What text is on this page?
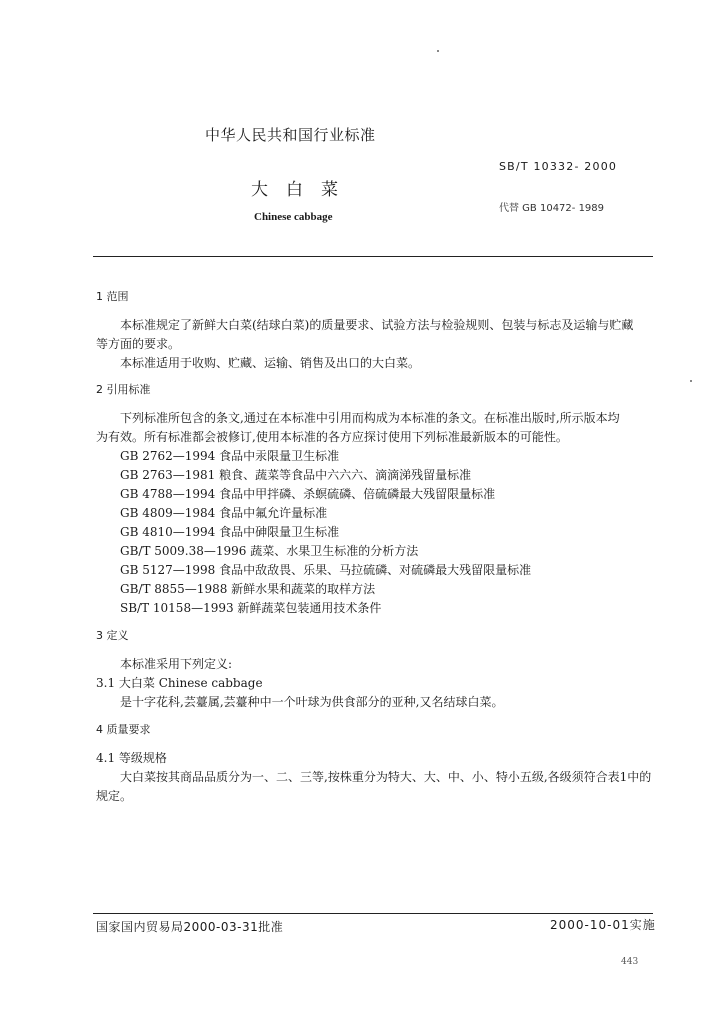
中华人民共和国行业标准
SB/T 10332- 2000
大白菜
代替 GB 10472- 1989
Chinese cabbage
1 范围
本标准规定了新鲜大白菜(结球白菜)的质量要求、试验方法与检验规则、包装与标志及运输与贮藏
等方面的要求。
本标准适用于收购、贮藏、运输、销售及出口的大白菜。
2 引用标准
下列标准所包含的条文,通过在本标准中引用而构成为本标准的条文。在标准出版时,所示版本均
为有效。所有标准都会被修订,使用本标准的各方应探讨使用下列标准最新版本的可能性。
GB 2762—1994 食品中汞限量卫生标准
GB 2763—1981 粮食、蔬菜等食品中六六六、滴滴涕残留量标准
GB 4788—1994 食品中甲拌磷、杀螟硫磷、倍硫磷最大残留限量标准
GB 4809—1984 食品中氟允许量标准
GB 4810—1994 食品中砷限量卫生标准
GB/T 5009.38—1996 蔬菜、水果卫生标准的分析方法
GB 5127—1998 食品中敌敌畏、乐果、马拉硫磷、对硫磷最大残留限量标准
GB/T 8855—1988 新鲜水果和蔬菜的取样方法
SB/T 10158—1993 新鲜蔬菜包装通用技术条件
3 定义
本标准采用下列定义:
3.1 大白菜 Chinese cabbage
是十字花科,芸薹属,芸薹种中一个叶球为供食部分的亚种,又名结球白菜。
4 质量要求
4.1 等级规格
大白菜按其商品品质分为一、二、三等,按株重分为特大、大、中、小、特小五级,各级须符合表1中的
规定。
国家国内贸易局2000-03-31批准	2000-10-01实施
443
